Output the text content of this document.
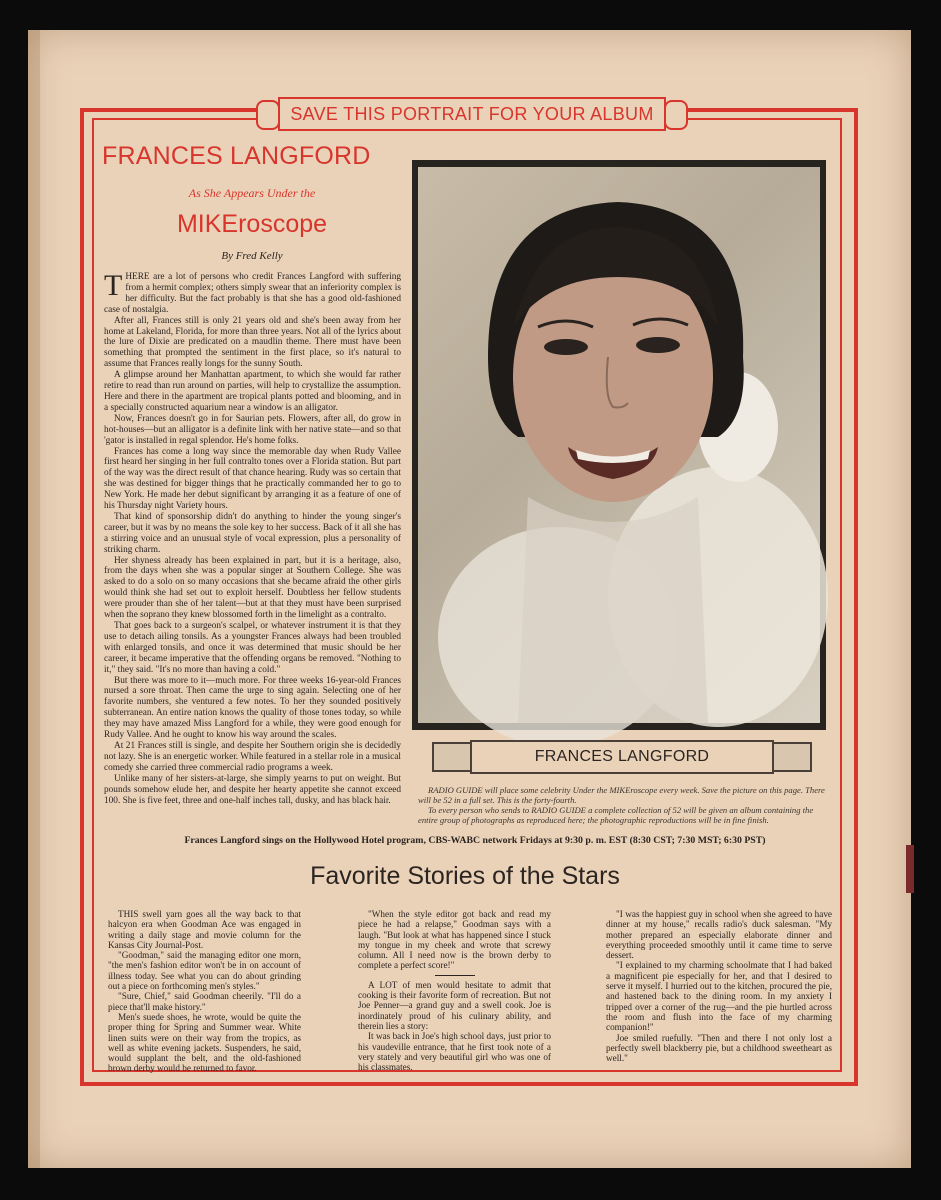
SAVE THIS PORTRAIT FOR YOUR ALBUM
FRANCES LANGFORD
As She Appears Under the
MIKEroscope
By Fred Kelly

THERE are a lot of persons who credit Frances Langford with suffering from a hermit complex; others simply swear that an inferiority complex is her difficulty. But the fact probably is that she has a good old-fashioned case of nostalgia.

After all, Frances still is only 21 years old and she's been away from her home at Lakeland, Florida, for more than three years. Not all of the lyrics about the lure of Dixie are predicated on a maudlin theme. There must have been something that prompted the sentiment in the first place, so it's natural to assume that Frances really longs for the sunny South.

A glimpse around her Manhattan apartment, to which she would far rather retire to read than run around on parties, will help to crystallize the assumption. Here and there in the apartment are tropical plants potted and blooming, and in a specially constructed aquarium near a window is an alligator.

Now, Frances doesn't go in for Saurian pets. Flowers, after all, do grow in hot-houses—but an alligator is a definite link with her native state—and so that 'gator is installed in regal splendor. He's home folks.

Frances has come a long way since the memorable day when Rudy Vallee first heard her singing in her full contralto tones over a Florida station. But part of the way was the direct result of that chance hearing. Rudy was so certain that she was destined for bigger things that he practically commanded her to go to New York. He made her debut significant by arranging it as a feature of one of his Thursday night Variety hours.

That kind of sponsorship didn't do anything to hinder the young singer's career, but it was by no means the sole key to her success. Back of it all she has a stirring voice and an unusual style of vocal expression, plus a personality of striking charm.

Her shyness already has been explained in part, but it is a heritage, also, from the days when she was a popular singer at Southern College. She was asked to do a solo on so many occasions that she became afraid the other girls would think she had set out to exploit herself. Doubtless her fellow students were prouder than she of her talent—but at that they must have been surprised when the soprano they knew blossomed forth in the limelight as a contralto.

That goes back to a surgeon's scalpel, or whatever instrument it is that they use to detach ailing tonsils. As a youngster Frances always had been troubled with enlarged tonsils, and once it was determined that music should be her career, it became imperative that the offending organs be removed. "Nothing to it," they said. "It's no more than having a cold."

But there was more to it—much more. For three weeks 16-year-old Frances nursed a sore throat. Then came the urge to sing again. Selecting one of her favorite numbers, she ventured a few notes. To her they sounded positively subterranean. An entire nation knows the quality of those tones today, so while they may have amazed Miss Langford for a while, they were good enough for Rudy Vallee. And he ought to know his way around the scales.

At 21 Frances still is single, and despite her Southern origin she is decidedly not lazy. She is an energetic worker. While featured in a stellar role in a musical comedy she carried three commercial radio programs a week.

Unlike many of her sisters-at-large, she simply yearns to put on weight. But pounds somehow elude her, and despite her hearty appetite she cannot exceed 100. She is five feet, three and one-half inches tall, dusky, and has black hair.

FRANCES LANGFORD

RADIO GUIDE will place some celebrity Under the MIKEroscope every week. Save the picture on this page. There will be 52 in a full set. This is the forty-fourth.

To every person who sends to RADIO GUIDE a complete collection of 52 will be given an album containing the entire group of photographs as reproduced here; the photographic reproductions will be in fine finish.

Frances Langford sings on the Hollywood Hotel program, CBS-WABC network Fridays at 9:30 p. m. EST (8:30 CST; 7:30 MST; 6:30 PST)
Favorite Stories of the Stars

THIS swell yarn goes all the way back to that halcyon era when Goodman Ace was engaged in writing a daily stage and movie column for the Kansas City Journal-Post.

"Goodman," said the managing editor one morn, "the men's fashion editor won't be in on account of illness today. See what you can do about grinding out a piece on forthcoming men's styles."

"Sure, Chief," said Goodman cheerily. "I'll do a piece that'll make history."

Men's suede shoes, he wrote, would be quite the proper thing for Spring and Summer wear. White linen suits were on their way from the tropics, as well as white evening jackets. Suspenders, he said, would supplant the belt, and the old-fashioned brown derby would be returned to favor.

"When the style editor got back and read my piece he had a relapse," Goodman says with a laugh. "But look at what has happened since I stuck my tongue in my cheek and wrote that screwy column. All I need now is the brown derby to complete a perfect score!"

A LOT of men would hesitate to admit that cooking is their favorite form of recreation. But not Joe Penner—a grand guy and a swell cook. Joe is inordinately proud of his culinary ability, and therein lies a story:

It was back in Joe's high school days, just prior to his vaudeville entrance, that he first took note of a very stately and very beautiful girl who was one of his classmates.

"I was the happiest guy in school when she agreed to have dinner at my house," recalls radio's duck salesman. "My mother prepared an especially elaborate dinner and everything proceeded smoothly until it came time to serve dessert.

"I explained to my charming schoolmate that I had baked a magnificent pie especially for her, and that I desired to serve it myself. I hurried out to the kitchen, procured the pie, and hastened back to the dining room. In my anxiety I tripped over a corner of the rug—and the pie hurtled across the room and flush into the face of my charming companion!"

Joe smiled ruefully. "Then and there I not only lost a perfectly swell blackberry pie, but a childhood sweetheart as well."
